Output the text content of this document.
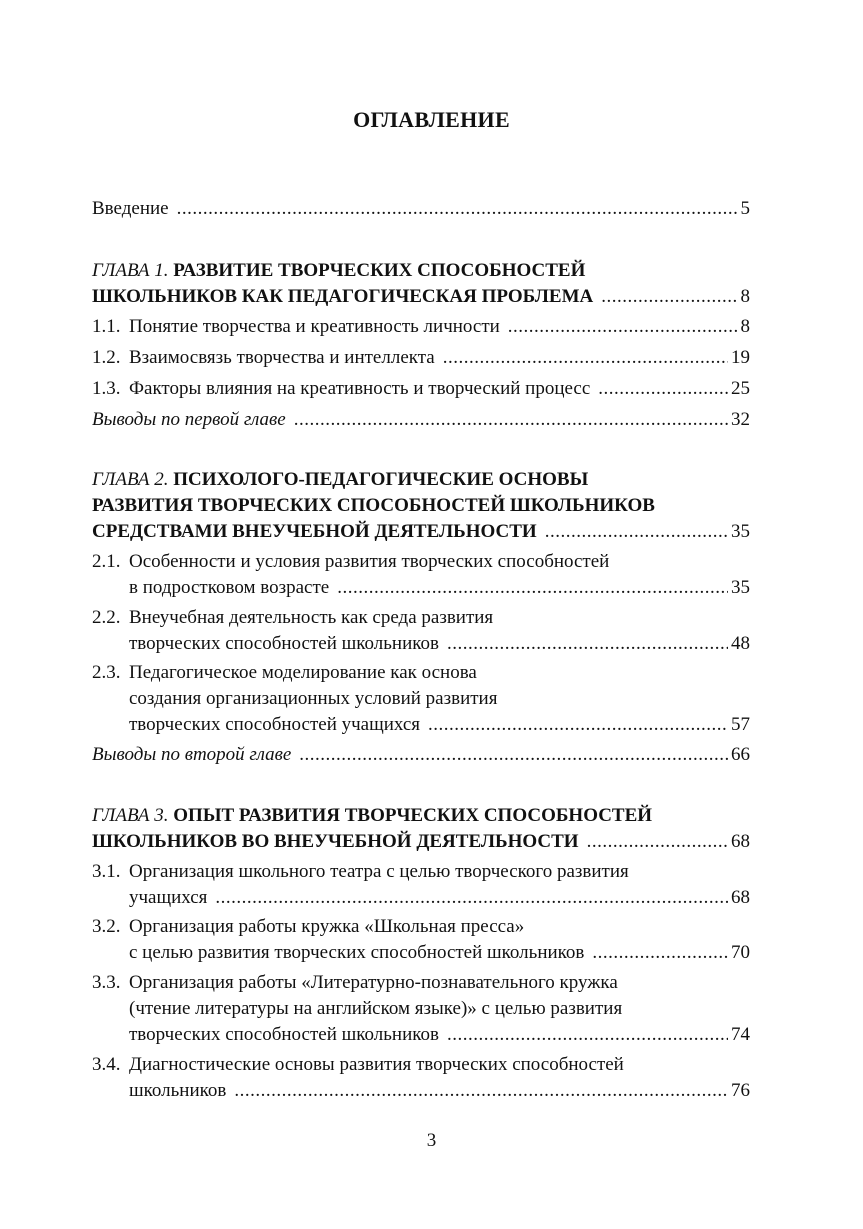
ОГЛАВЛЕНИЕ
Введение .....	5
ГЛАВА 1. РАЗВИТИЕ ТВОРЧЕСКИХ СПОСОБНОСТЕЙ
ШКОЛЬНИКОВ КАК ПЕДАГОГИЧЕСКАЯ ПРОБЛЕМА .....	8
1.1. Понятие творчества и креативность личности .....	8
1.2. Взаимосвязь творчества и интеллекта .....	19
1.3. Факторы влияния на креативность и творческий процесс .....	25
Выводы по первой главе .....	32
ГЛАВА 2. ПСИХОЛОГО-ПЕДАГОГИЧЕСКИЕ ОСНОВЫ
РАЗВИТИЯ ТВОРЧЕСКИХ СПОСОБНОСТЕЙ ШКОЛЬНИКОВ
СРЕДСТВАМИ ВНЕУЧЕБНОЙ ДЕЯТЕЛЬНОСТИ .....	35
2.1. Особенности и условия развития творческих способностей
в подростковом возрасте .....	35
2.2. Внеучебная деятельность как среда развития
творческих способностей школьников .....	48
2.3. Педагогическое моделирование как основа
создания организационных условий развития
творческих способностей учащихся .....	57
Выводы по второй главе .....	66
ГЛАВА 3. ОПЫТ РАЗВИТИЯ ТВОРЧЕСКИХ СПОСОБНОСТЕЙ
ШКОЛЬНИКОВ ВО ВНЕУЧЕБНОЙ ДЕЯТЕЛЬНОСТИ .....	68
3.1. Организация школьного театра с целью творческого развития
учащихся .....	68
3.2. Организация работы кружка «Школьная пресса»
с целью развития творческих способностей школьников .....	70
3.3. Организация работы «Литературно-познавательного кружка
(чтение литературы на английском языке)» с целью развития
творческих способностей школьников .....	74
3.4. Диагностические основы развития творческих способностей
школьников .....	76
3
